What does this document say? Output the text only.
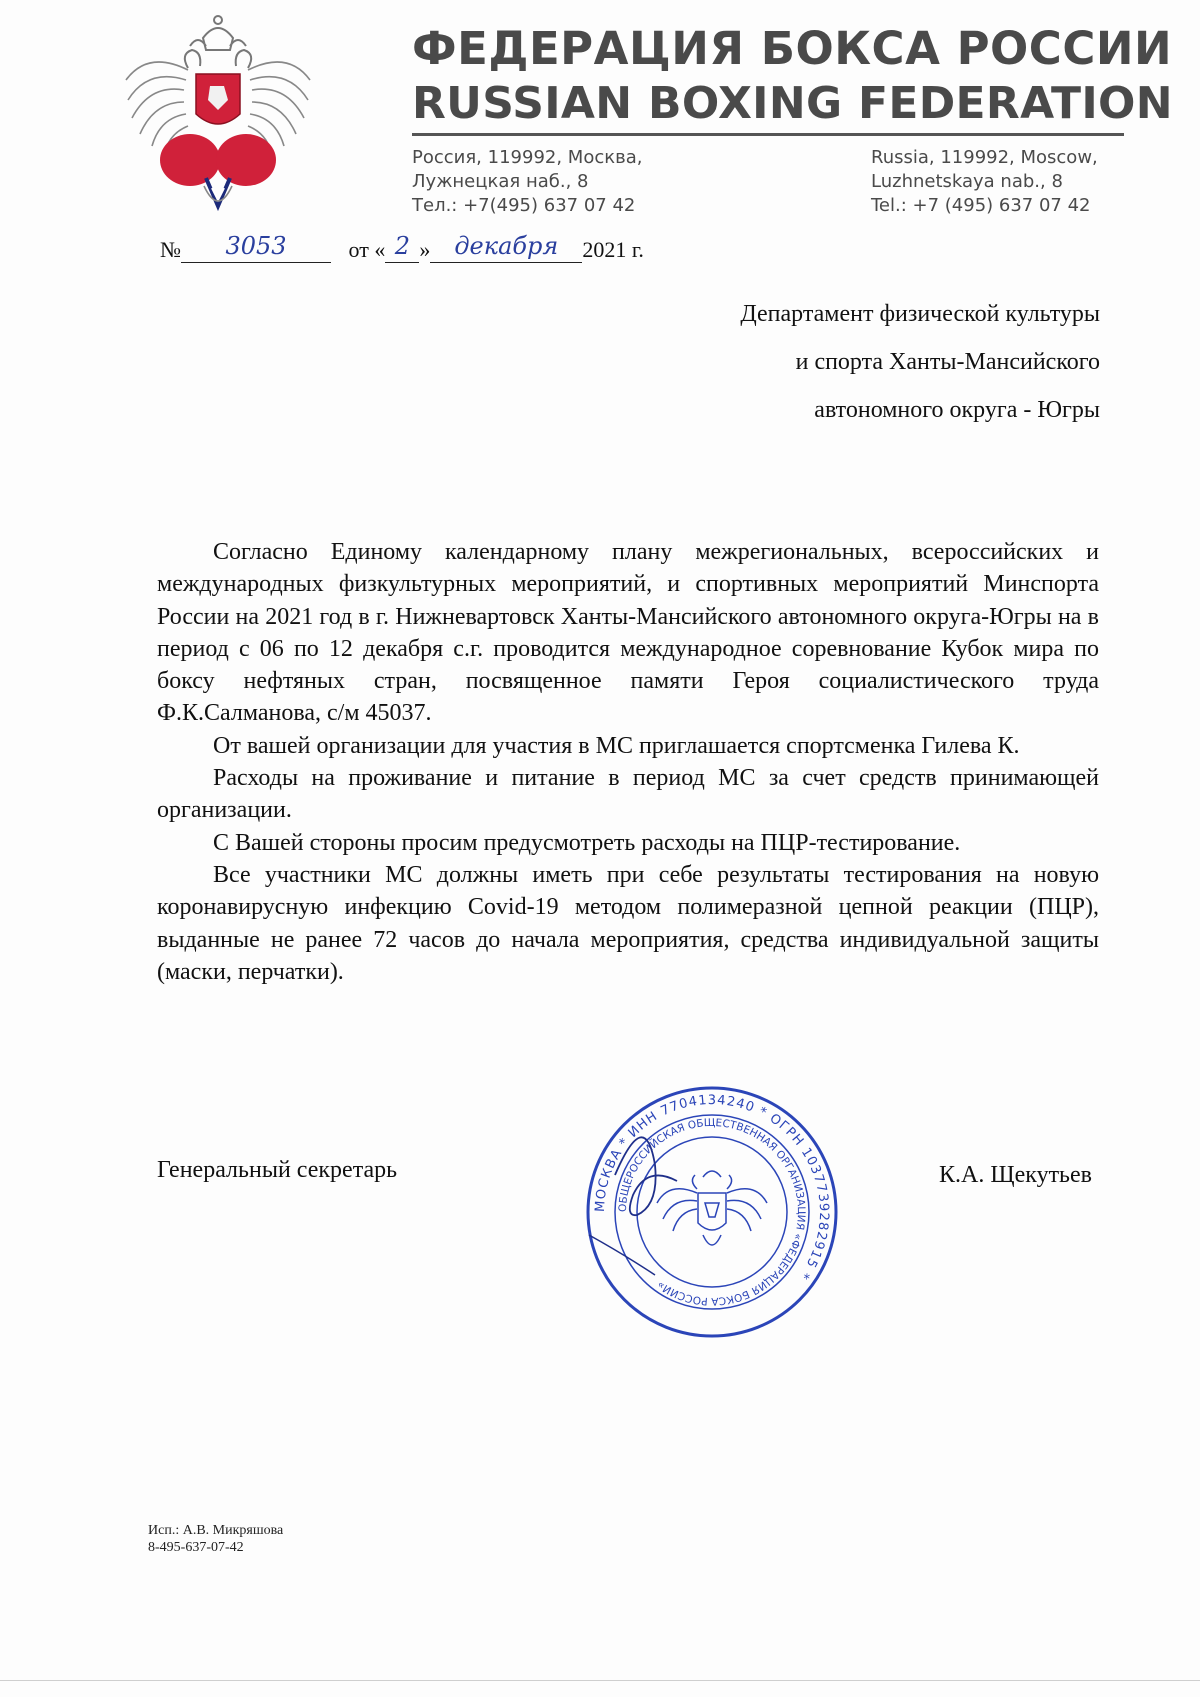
ФЕДЕРАЦИЯ БОКСА РОССИИ
RUSSIAN BOXING FEDERATION
Россия, 119992, Москва,
Лужнецкая наб., 8
Тел.: +7(495) 637 07 42
Russia, 119992, Moscow,
Luzhnetskaya nab., 8
Tel.: +7 (495) 637 07 42
№ 3053	от « 2 » декабря 2021 г.
Департамент физической культуры
и спорта Ханты-Мансийского
автономного округа - Югры

Согласно Единому календарному плану межрегиональных, всероссийских и международных физкультурных мероприятий, и спортивных мероприятий Минспорта России на 2021 год в г. Нижневартовск Ханты-Мансийского автономного округа-Югры на в период с 06 по 12 декабря с.г. проводится международное соревнование Кубок мира по боксу нефтяных стран, посвященное памяти Героя социалистического труда Ф.К.Салманова, с/м 45037.

От вашей организации для участия в МС приглашается спортсменка Гилева К.

Расходы на проживание и питание в период МС за счет средств принимающей организации.

С Вашей стороны просим предусмотреть расходы на ПЦР-тестирование.

Все участники МС должны иметь при себе результаты тестирования на новую коронавирусную инфекцию Covid-19 методом полимеразной цепной реакции (ПЦР), выданные не ранее 72 часов до начала мероприятия, средства индивидуальной защиты (маски, перчатки).

Генеральный секретарь
МОСКВА * ИНН 7704134240 * ОГРН 1037739282915 *
ОБЩЕРОССИЙСКАЯ ОБЩЕСТВЕННАЯ ОРГАНИЗАЦИЯ «ФЕДЕРАЦИЯ БОКСА РОССИИ»
К.А. Щекутьев
Исп.: А.В. Микряшова
8-495-637-07-42
